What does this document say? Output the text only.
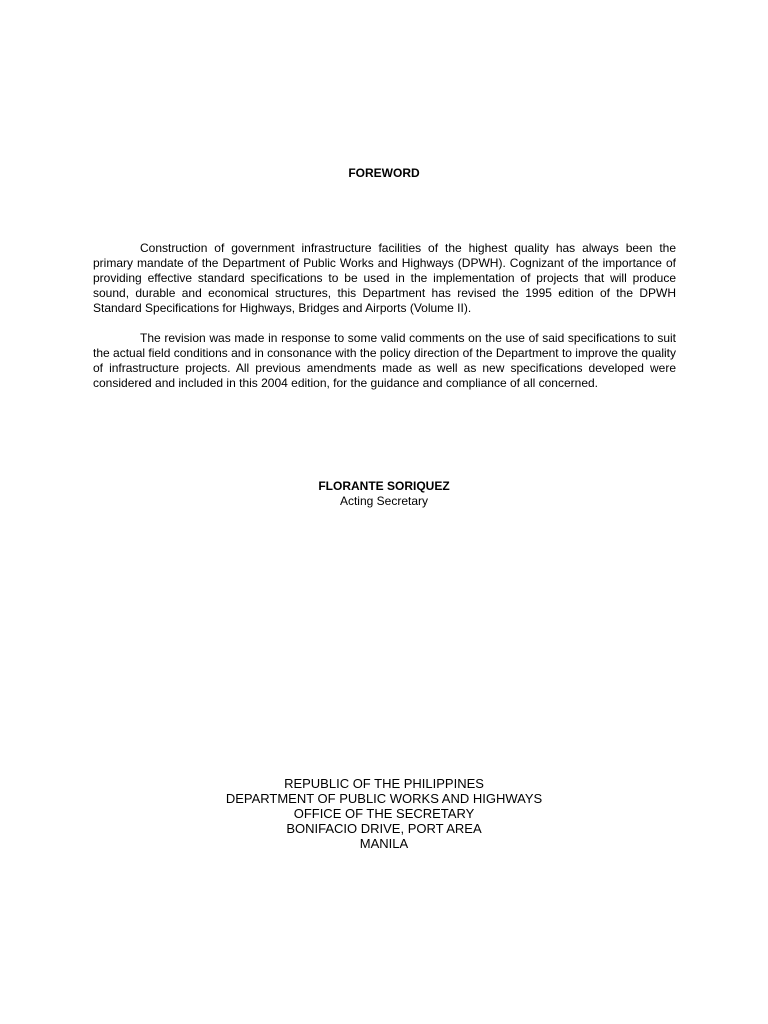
FOREWORD

Construction of government infrastructure facilities of the highest quality has always been the primary mandate of the Department of Public Works and Highways (DPWH). Cognizant of the importance of providing effective standard specifications to be used in the implementation of projects that will produce sound, durable and economical structures, this Department has revised the 1995 edition of the DPWH Standard Specifications for Highways, Bridges and Airports (Volume II).

The revision was made in response to some valid comments on the use of said specifications to suit the actual field conditions and in consonance with the policy direction of the Department to improve the quality of infrastructure projects. All previous amendments made as well as new specifications developed were considered and included in this 2004 edition, for the guidance and compliance of all concerned.

FLORANTE SORIQUEZ
Acting Secretary
REPUBLIC OF THE PHILIPPINES
DEPARTMENT OF PUBLIC WORKS AND HIGHWAYS
OFFICE OF THE SECRETARY
BONIFACIO DRIVE, PORT AREA
MANILA
